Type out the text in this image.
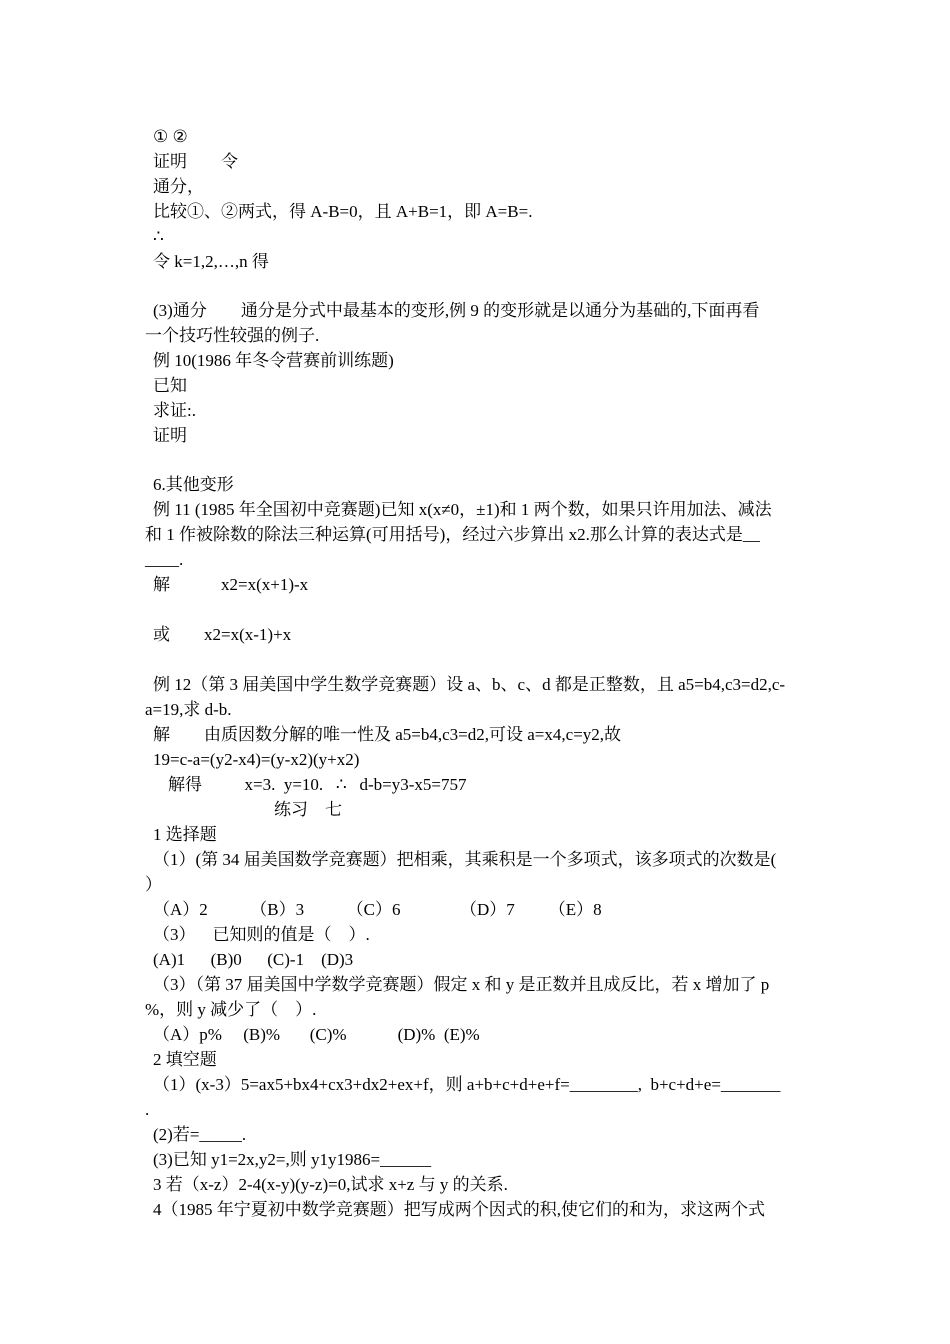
① ②
证明        令
通分，
比较①、②两式，得 A-B=0，且 A+B=1，即 A=B=.
∴
令 k=1,2,…,n 得
(3)通分        通分是分式中最基本的变形,例 9 的变形就是以通分为基础的,下面再看
一个技巧性较强的例子.
例 10(1986 年冬令营赛前训练题)
已知
求证:.
证明
6.其他变形
例 11 (1985 年全国初中竞赛题)已知 x(x≠0，±1)和 1 两个数，如果只许用加法、减法
和 1 作被除数的除法三种运算(可用括号)，经过六步算出 x2.那么计算的表达式是__
____.
解            x2=x(x+1)-x
或        x2=x(x-1)+x
例 12（第 3 届美国中学生数学竞赛题）设 a、b、c、d 都是正整数，且 a5=b4,c3=d2,c-
a=19,求 d-b.
解        由质因数分解的唯一性及 a5=b4,c3=d2,可设 a=x4,c=y2,故
19=c-a=(y2-x4)=(y-x2)(y+x2)
解得          x=3.  y=10.   ∴   d-b=y3-x5=757
练习    七
1 选择题
（1）(第 34 届美国数学竞赛题）把相乘，其乘积是一个多项式，该多项式的次数是(
）
（A）2          （B）3          （C）6              （D）7        （E）8
（3）    已知则的值是（    ）.
(A)1      (B)0      (C)-1    (D)3
（3）（第 37 届美国中学数学竞赛题）假定 x 和 y 是正数并且成反比，若 x 增加了 p
%，则 y 减少了（    ）.
（A）p%     (B)%       (C)%            (D)%  (E)%
2 填空题
（1）(x-3）5=ax5+bx4+cx3+dx2+ex+f，则 a+b+c+d+e+f=________,  b+c+d+e=_______
.
(2)若=_____.
(3)已知 y1=2x,y2=,则 y1y1986=______
3 若（x-z）2-4(x-y)(y-z)=0,试求 x+z 与 y 的关系.
4（1985 年宁夏初中数学竞赛题）把写成两个因式的积,使它们的和为，求这两个式
